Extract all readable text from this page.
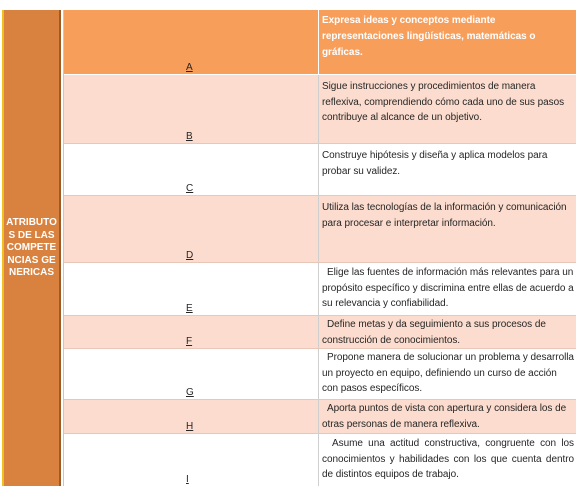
ATRIBUTOS DE LAS COMPETENCIAS GENERICAS
A
Expresa ideas y conceptos mediante representaciones lingüísticas, matemáticas o gráficas.
B
Sigue instrucciones y procedimientos de manera reflexiva, comprendiendo cómo cada uno de sus pasos contribuye al alcance de un objetivo.
C
Construye hipótesis y diseña y aplica modelos para probar su validez.
D
Utiliza las tecnologías de la información y comunicación para procesar e interpretar información.
E
Elige las fuentes de información más relevantes para un propósito específico y discrimina entre ellas de acuerdo a su relevancia y confiabilidad.
F
Define metas y da seguimiento a sus procesos de construcción de conocimientos.
G
Propone manera de solucionar un problema y desarrolla un proyecto en equipo, definiendo un curso de acción con pasos específicos.
H
Aporta puntos de vista con apertura y considera los de otras personas de manera reflexiva.
I
Asume una actitud constructiva, congruente con los conocimientos y habilidades con los que cuenta dentro de distintos equipos de trabajo.
